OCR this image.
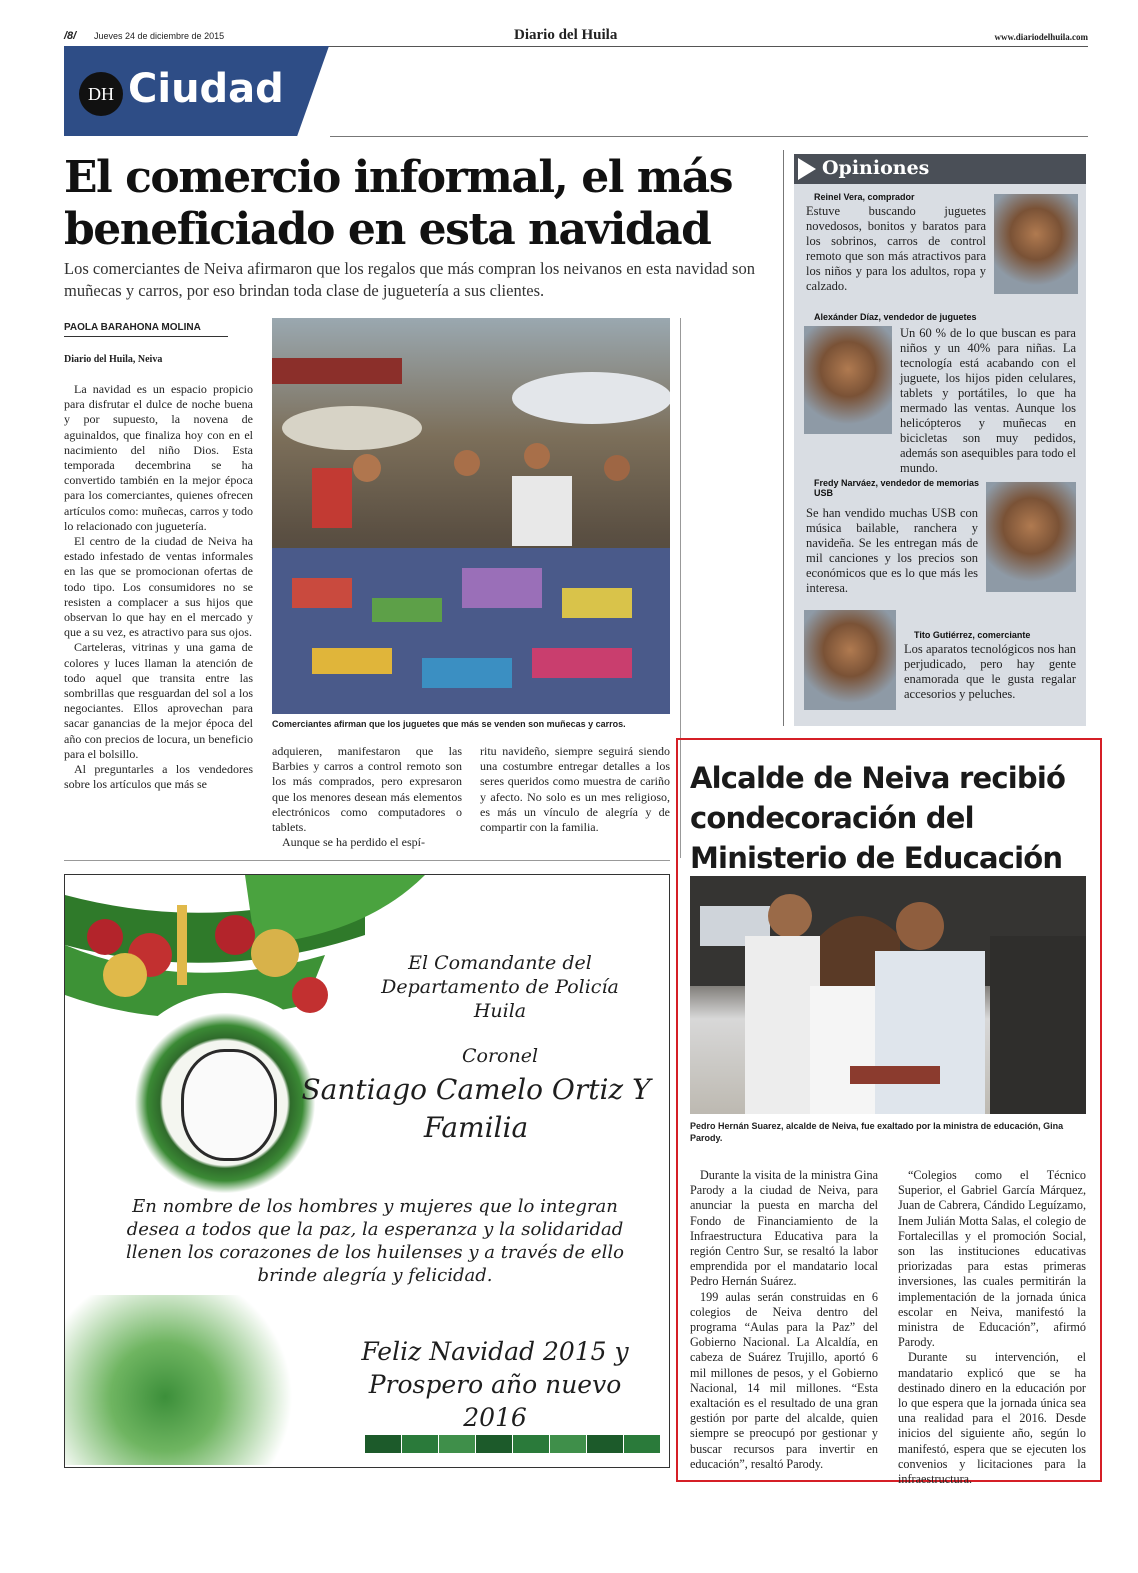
/8/ Jueves 24 de diciembre de 2015	Diario del Huila	www.diariodelhuila.com
DH Ciudad
El comercio informal, el más beneficiado en esta navidad
Los comerciantes de Neiva afirmaron que los regalos que más compran los neivanos en esta navidad son muñecas y carros, por eso brindan toda clase de juguetería a sus clientes.
PAOLA BARAHONA MOLINA
Diario del Huila, Neiva

La navidad es un espacio propicio para disfrutar el dulce de noche buena y por supuesto, la novena de aguinaldos, que finaliza hoy con en el nacimiento del niño Dios. Esta temporada decembrina se ha convertido también en la mejor época para los comerciantes, quienes ofrecen artículos como: muñecas, carros y todo lo relacionado con juguetería.

El centro de la ciudad de Neiva ha estado infestado de ventas informales en las que se promocionan ofertas de todo tipo. Los consumidores no se resisten a complacer a sus hijos que observan lo que hay en el mercado y que a su vez, es atractivo para sus ojos.

Carteleras, vitrinas y una gama de colores y luces llaman la atención de todo aquel que transita entre las sombrillas que resguardan del sol a los negociantes. Ellos aprovechan para sacar ganancias de la mejor época del año con precios de locura, un beneficio para el bolsillo.

Al preguntarles a los vendedores sobre los artículos que más se

Comerciantes afirman que los juguetes que más se venden son muñecas y carros.

adquieren, manifestaron que las Barbies y carros a control remoto son los más comprados, pero expresaron que los menores desean más elementos electrónicos como computadores o tablets.

Aunque se ha perdido el espí-

ritu navideño, siempre seguirá siendo una costumbre entregar detalles a los seres queridos como muestra de cariño y afecto. No solo es un mes religioso, es más un vínculo de alegría y de compartir con la familia.

Opiniones
Reinel Vera, comprador
Estuve buscando juguetes novedosos, bonitos y baratos para los sobrinos, carros de control remoto que son más atractivos para los niños y para los adultos, ropa y calzado.
Alexánder Díaz, vendedor de juguetes
Un 60 % de lo que buscan es para niños y un 40% para niñas. La tecnología está acabando con el juguete, los hijos piden celulares, tablets y portátiles, lo que ha mermado las ventas. Aunque los helicópteros y muñecas en bicicletas son muy pedidos, además son asequibles para todo el mundo.
Fredy Narváez, vendedor de memorias USB
Se han vendido muchas USB con música bailable, ranchera y navideña. Se les entregan más de mil canciones y los precios son económicos que es lo que más les interesa.
Tito Gutiérrez, comerciante
Los aparatos tecnológicos nos han perjudicado, pero hay gente enamorada que le gusta regalar accesorios y peluches.
El Comandante del Departamento de Policía Huila
Coronel
Santiago Camelo Ortiz Y Familia
En nombre de los hombres y mujeres que lo integran desea a todos que la paz, la esperanza y la solidaridad llenen los corazones de los huilenses y a través de ello brinde alegría y felicidad.
Feliz Navidad 2015 y Prospero año nuevo 2016
Alcalde de Neiva recibió condecoración del Ministerio de Educación
Pedro Hernán Suarez, alcalde de Neiva, fue exaltado por la ministra de educación, Gina Parody.

Durante la visita de la ministra Gina Parody a la ciudad de Neiva, para anunciar la puesta en marcha del Fondo de Financiamiento de la Infraestructura Educativa para la región Centro Sur, se resaltó la labor emprendida por el mandatario local Pedro Hernán Suárez.

199 aulas serán construidas en 6 colegios de Neiva dentro del programa “Aulas para la Paz” del Gobierno Nacional. La Alcaldía, en cabeza de Suárez Trujillo, aportó 6 mil millones de pesos, y el Gobierno Nacional, 14 mil millones. “Esta exaltación es el resultado de una gran gestión por parte del alcalde, quien siempre se preocupó por gestionar y buscar recursos para invertir en educación”, resaltó Parody.

“Colegios como el Técnico Superior, el Gabriel García Márquez, Juan de Cabrera, Cándido Leguízamo, Inem Julián Motta Salas, el colegio de Fortalecillas y el promoción Social, son las instituciones educativas priorizadas para estas primeras inversiones, las cuales permitirán la implementación de la jornada única escolar en Neiva, manifestó la ministra de Educación”, afirmó Parody.

Durante su intervención, el mandatario explicó que se ha destinado dinero en la educación por lo que espera que la jornada única sea una realidad para el 2016. Desde inicios del siguiente año, según lo manifestó, espera que se ejecuten los convenios y licitaciones para la infraestructura.
